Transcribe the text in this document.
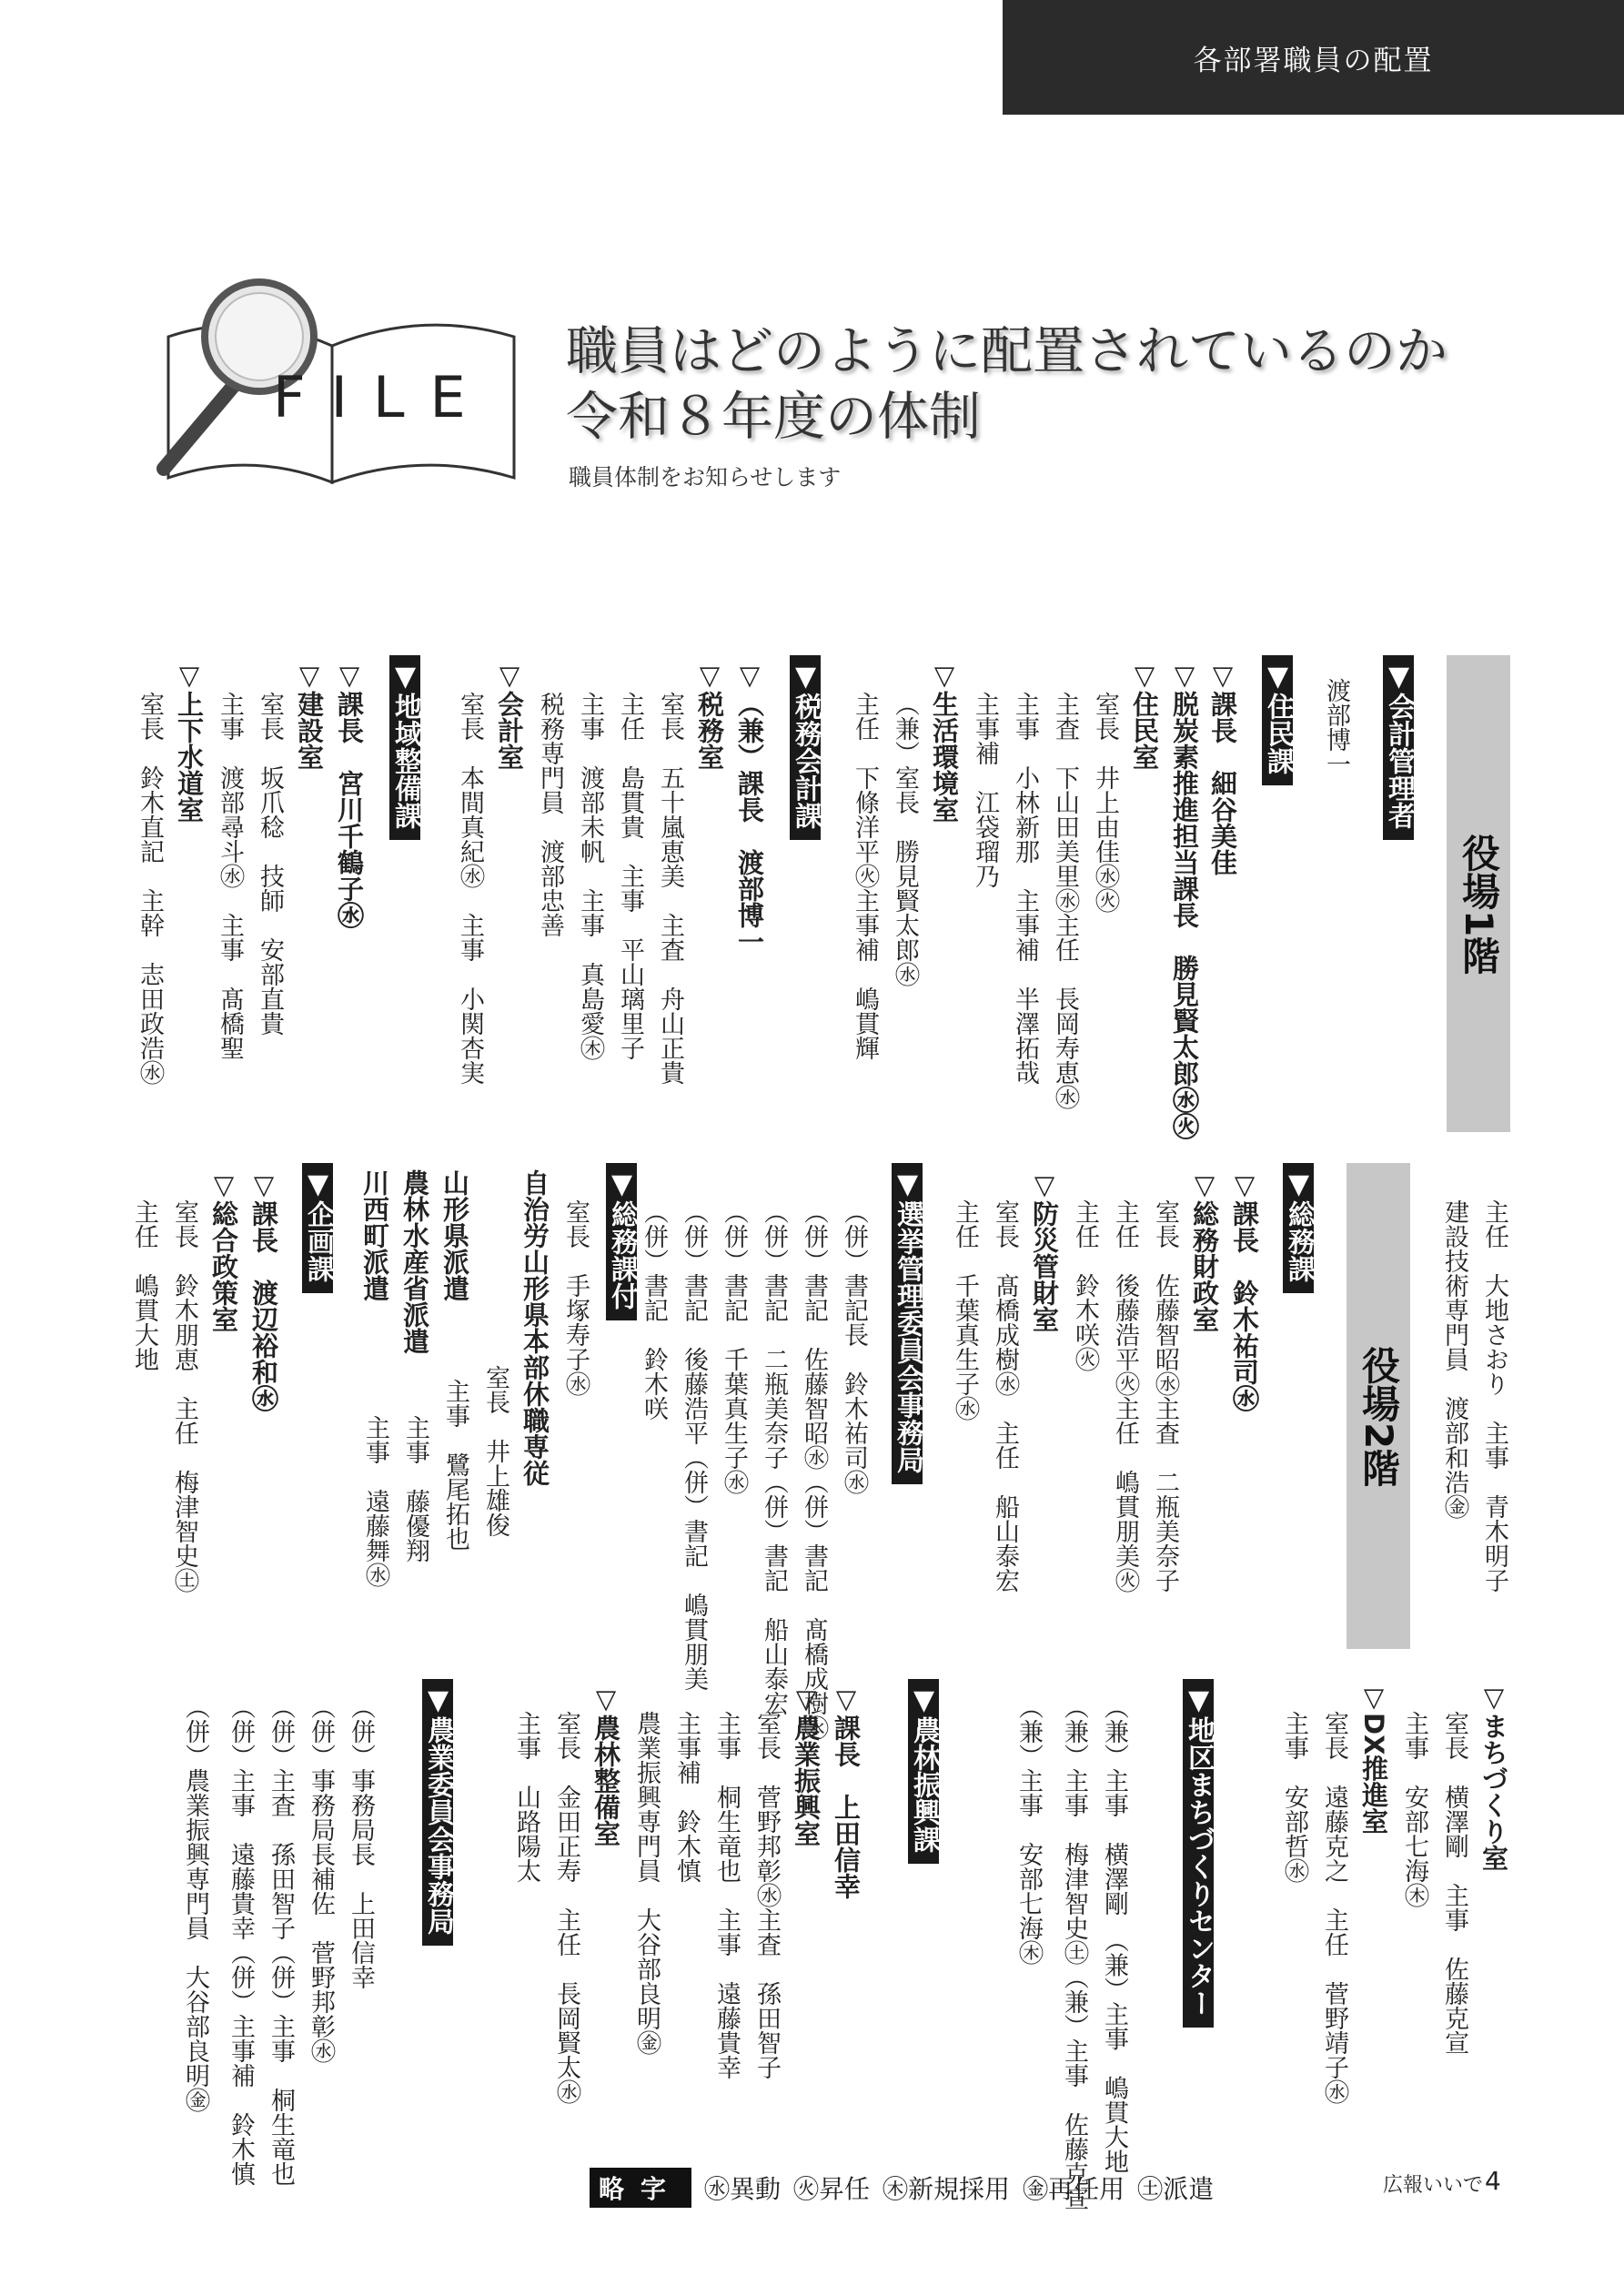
各部署職員の配置
FILE
職員はどのように配置されているのか
令和８年度の体制
職員体制をお知らせします
役場1階
役場2階
▼会計管理者
渡部博一
▼住民課
▽課長　細谷美佳
▽脱炭素推進担当課長　勝見賢太郎㊌㊋
▽住民室
室長　井上由佳㊌㊋
主査　下山田美里㊌主任　長岡寿恵㊌
主事　小林新那　主事補　半澤拓哉
主事補　江袋瑠乃
▽生活環境室
（兼）室長　勝見賢太郎㊌
主任　下條洋平㊋主事補　嶋貫輝
▼税務会計課
▽（兼）課長　渡部博一
▽税務室
室長　五十嵐恵美　主査　舟山正貴
主任　島貫貴　主事　平山璃里子
主事　渡部未帆　主事　真島愛㊍
税務専門員　渡部忠善
▽会計室
室長　本間真紀㊌　主事　小関杏実
▼地域整備課
▽課長　宮川千鶴子㊌
▽建設室
室長　坂爪稔　技師　安部直貴
主事　渡部尋斗㊌　主事　髙橋聖
▽上下水道室
室長　鈴木直記　主幹　志田政浩㊌
主任　大地さおり　主事　青木明子
建設技術専門員　渡部和浩㊎
▼総務課
▽課長　鈴木祐司㊌
▽総務財政室
室長　佐藤智昭㊌主査　二瓶美奈子
主任　後藤浩平㊋主任　嶋貫朋美㊋
主任　鈴木咲㊋
▽防災管財室
室長　髙橋成樹㊌　主任　船山泰宏
主任　千葉真生子㊌
▼選挙管理委員会事務局
（併）書記長　鈴木祐司㊌
（併）書記　佐藤智昭㊌（併）書記　髙橋成樹㊌
（併）書記　二瓶美奈子（併）書記　船山泰宏
（併）書記　千葉真生子㊌
（併）書記　後藤浩平（併）書記　嶋貫朋美
（併）書記　鈴木咲
▼総務課付
室長　手塚寿子㊌
自治労山形県本部休職専従
室長　井上雄俊
山形県派遣
主事　鷺尾拓也
農林水産省派遣
川西町派遣
主事　藤優翔
主事　遠藤舞㊌
▼企画課
▽課長　渡辺裕和㊌
▽総合政策室
室長　鈴木朋恵　主任　梅津智史㊏
主任　嶋貫大地
▽まちづくり室
室長　横澤剛　主事　佐藤克宣
主事　安部七海㊍
▽DX推進室
室長　遠藤克之　主任　菅野靖子㊌
主事　安部哲㊌
▼地区まちづくりセンター
（兼）主事　横澤剛　（兼）主事　嶋貫大地
（兼）主事　梅津智史㊏（兼）主事　佐藤克宣
（兼）主事　安部七海㊍
▼農林振興課
▽課長　上田信幸
▽農業振興室
室長　菅野邦彰㊌主査　孫田智子
主事　桐生竜也　主事　遠藤貴幸
主事補　鈴木慎
農業振興専門員　大谷部良明㊎
▽農林整備室
室長　金田正寿　主任　長岡賢太㊌
主事　山路陽太
▼農業委員会事務局
（併）事務局長　上田信幸
（併）事務局長補佐　菅野邦彰㊌
（併）主査　孫田智子（併）主事　桐生竜也
（併）主事　遠藤貴幸（併）主事補　鈴木慎
（併）農業振興専門員　大谷部良明㊎
略字 ㊌異動 ㊋昇任 ㊍新規採用 ㊎再任用 ㊏派遣	広報いいで 4
